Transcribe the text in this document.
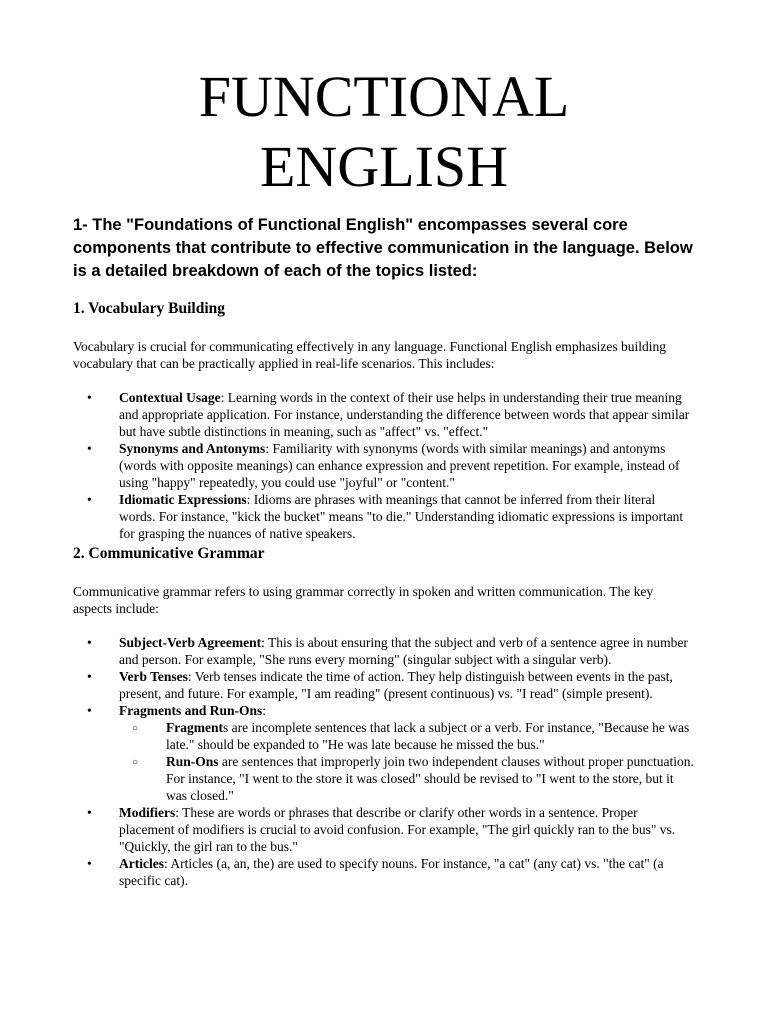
FUNCTIONAL
ENGLISH

1- The "Foundations of Functional English" encompasses several core components that contribute to effective communication in the language. Below is a detailed breakdown of each of the topics listed:

1. Vocabulary Building

Vocabulary is crucial for communicating effectively in any language. Functional English emphasizes building vocabulary that can be practically applied in real-life scenarios. This includes:

• Contextual Usage: Learning words in the context of their use helps in understanding their true meaning and appropriate application. For instance, understanding the difference between words that appear similar but have subtle distinctions in meaning, such as "affect" vs. "effect."
• Synonyms and Antonyms: Familiarity with synonyms (words with similar meanings) and antonyms (words with opposite meanings) can enhance expression and prevent repetition. For example, instead of using "happy" repeatedly, you could use "joyful" or "content."
• Idiomatic Expressions: Idioms are phrases with meanings that cannot be inferred from their literal words. For instance, "kick the bucket" means "to die." Understanding idiomatic expressions is important for grasping the nuances of native speakers.
2. Communicative Grammar

Communicative grammar refers to using grammar correctly in spoken and written communication. The key aspects include:

• Subject-Verb Agreement: This is about ensuring that the subject and verb of a sentence agree in number and person. For example, "She runs every morning" (singular subject with a singular verb).
• Verb Tenses: Verb tenses indicate the time of action. They help distinguish between events in the past, present, and future. For example, "I am reading" (present continuous) vs. "I read" (simple present).
• Fragments and Run-Ons:
○ Fragments are incomplete sentences that lack a subject or a verb. For instance, "Because he was late." should be expanded to "He was late because he missed the bus."
○ Run-Ons are sentences that improperly join two independent clauses without proper punctuation. For instance, "I went to the store it was closed" should be revised to "I went to the store, but it was closed."
• Modifiers: These are words or phrases that describe or clarify other words in a sentence. Proper placement of modifiers is crucial to avoid confusion. For example, "The girl quickly ran to the bus" vs. "Quickly, the girl ran to the bus."
• Articles: Articles (a, an, the) are used to specify nouns. For instance, "a cat" (any cat) vs. "the cat" (a specific cat).
